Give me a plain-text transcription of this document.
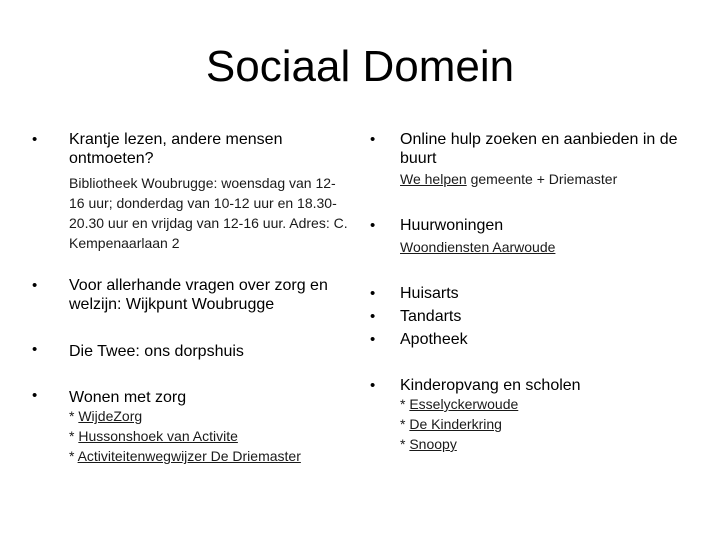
Sociaal Domein
• Krantje lezen, andere mensen ontmoeten?
Bibliotheek Woubrugge: woensdag van 12-16 uur; donderdag van 10-12 uur en 18.30-20.30 uur en vrijdag van 12-16 uur. Adres: C. Kempenaarlaan 2
• Voor allerhande vragen over zorg en welzijn: Wijkpunt Woubrugge
• Die Twee: ons dorpshuis
• Wonen met zorg
* WijdeZorg
* Hussonshoek van Activite
* Activiteitenwegwijzer De Driemaster
• Online hulp zoeken en aanbieden in de buurt
We helpen gemeente + Driemaster
• Huurwoningen
Woondiensten Aarwoude
• Huisarts
• Tandarts
• Apotheek
• Kinderopvang en scholen
* Esselyckerwoude
* De Kinderkring
* Snoopy
